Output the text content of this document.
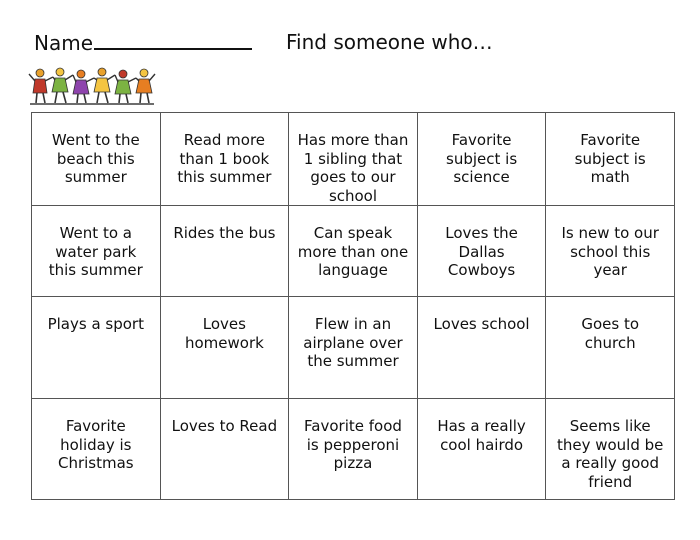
Name	Find someone who…
Went to the
beach this
summer	Read more
than 1 book
this summer	Has more than
1 sibling that
goes to our
school	Favorite
subject is
science	Favorite
subject is
math
Went to a
water park
this summer	Rides the bus	Can speak
more than one
language	Loves the
Dallas
Cowboys	Is new to our
school this
year
Plays a sport	Loves
homework	Flew in an
airplane over
the summer	Loves school	Goes to
church
Favorite
holiday is
Christmas	Loves to Read	Favorite food
is pepperoni
pizza	Has a really
cool hairdo	Seems like
they would be
a really good
friend
